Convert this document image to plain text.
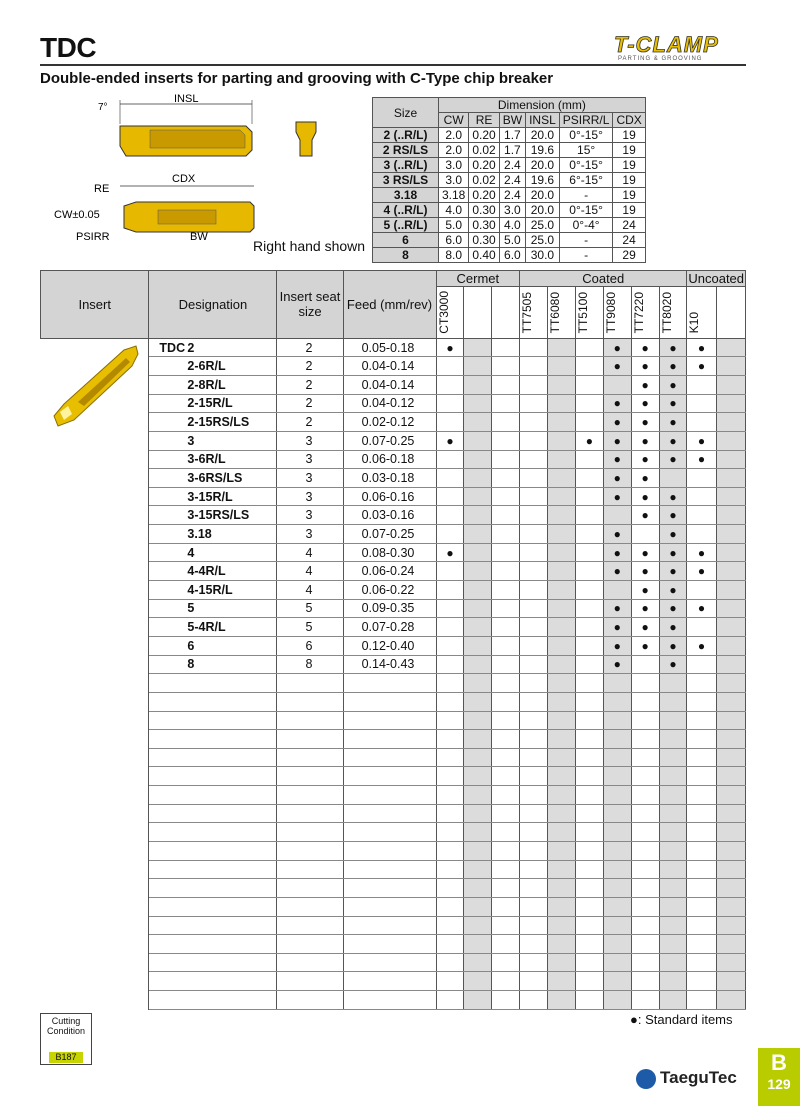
TDC	T-CLAMP
PARTING & GROOVING
Double-ended inserts for parting and grooving with C-Type chip breaker
INSL
7°
CDX
RE
CW±0.05
PSIRR	BW
Right hand shown
Size	Dimension (mm)					
	CW	RE	BW	INSL	PSIRR/L	CDX
2 (..R/L)	2.0	0.20	1.7	20.0	0°-15°	19
2 RS/LS	2.0	0.02	1.7	19.6	15°	19
3 (..R/L)	3.0	0.20	2.4	20.0	0°-15°	19
3 RS/LS	3.0	0.02	2.4	19.6	6°-15°	19
3.18	3.18	0.20	2.4	20.0	-	19
4 (..R/L)	4.0	0.30	3.0	20.0	0°-15°	19
5 (..R/L)	5.0	0.30	4.0	25.0	0°-4°	24
6	6.0	0.30	5.0	25.0	-	24
8	8.0	0.40	6.0	30.0	-	29
Insert	Designation	Insert seat size	Feed (mm/rev)	Cermet			Coated						Uncoated	

				CT3000			TT7505	TT6080	TT5100	TT9080	TT7220	TT8020	K10	

	TDC 2	2	0.05-0.18	●						●	●	●	●	
	2-6R/L	2	0.04-0.14							●	●	●	●	
	2-8R/L	2	0.04-0.14								●	●		
	2-15R/L	2	0.04-0.12							●	●	●		
	2-15RS/LS	2	0.02-0.12							●	●	●		
	3	3	0.07-0.25	●					●	●	●	●	●	
	3-6R/L	3	0.06-0.18							●	●	●	●	
	3-6RS/LS	3	0.03-0.18							●	●			
	3-15R/L	3	0.06-0.16							●	●	●		
	3-15RS/LS	3	0.03-0.16								●	●		
	3.18	3	0.07-0.25							●		●		
	4	4	0.08-0.30	●						●	●	●	●	
	4-4R/L	4	0.06-0.24							●	●	●	●	
	4-15R/L	4	0.06-0.22								●	●		
	5	5	0.09-0.35							●	●	●	●	
	5-4R/L	5	0.07-0.28							●	●	●		
	6	6	0.12-0.40							●	●	●	●	
	8	8	0.14-0.43							●		●		

Cutting Condition
B187
●: Standard items
TaeguTec
B
129
